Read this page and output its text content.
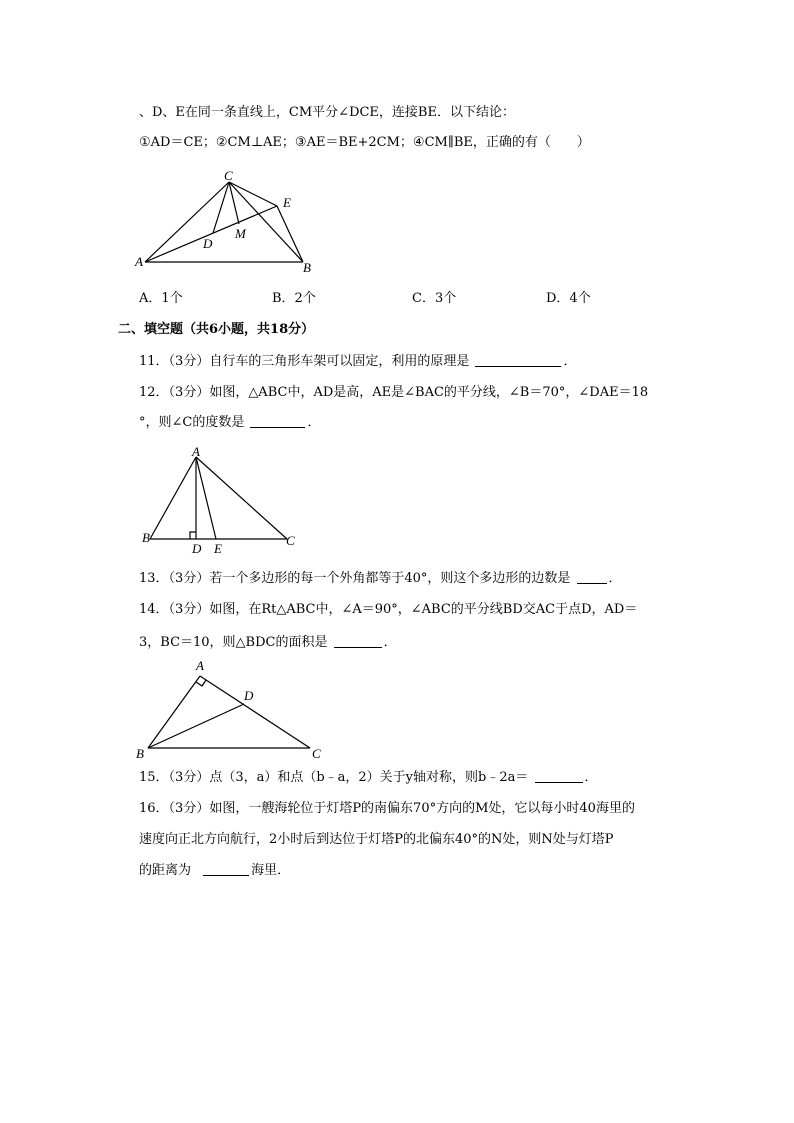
、D、E在同一条直线上，CM平分∠DCE，连接BE．以下结论：
①AD＝CE；②CM⊥AE；③AE＝BE+2CM；④CM∥BE，正确的有（　　）
C
E
M
D
A	B
A．1个	B．2个	C．3个	D．4个
二、填空题（共6小题，共18分）
11．（3分）自行车的三角形车架可以固定，利用的原理是	．
12．（3分）如图，△ABC中，AD是高，AE是∠BAC的平分线，∠B＝70°，∠DAE＝18
°，则∠C的度数是	．
A
B
D E
C
13．（3分）若一个多边形的每一个外角都等于40°，则这个多边形的边数是	．
14．（3分）如图，在Rt△ABC中，∠A＝90°，∠ABC的平分线BD交AC于点D，AD＝
3，BC＝10，则△BDC的面积是	．
A
D
B	C
15．（3分）点（3，a）和点（b﹣a，2）关于y轴对称，则b﹣2a＝	．
16．（3分）如图，一艘海轮位于灯塔P的南偏东70°方向的M处，它以每小时40海里的
速度向正北方向航行，2小时后到达位于灯塔P的北偏东40°的N处，则N处与灯塔P
的距离为	海里．
